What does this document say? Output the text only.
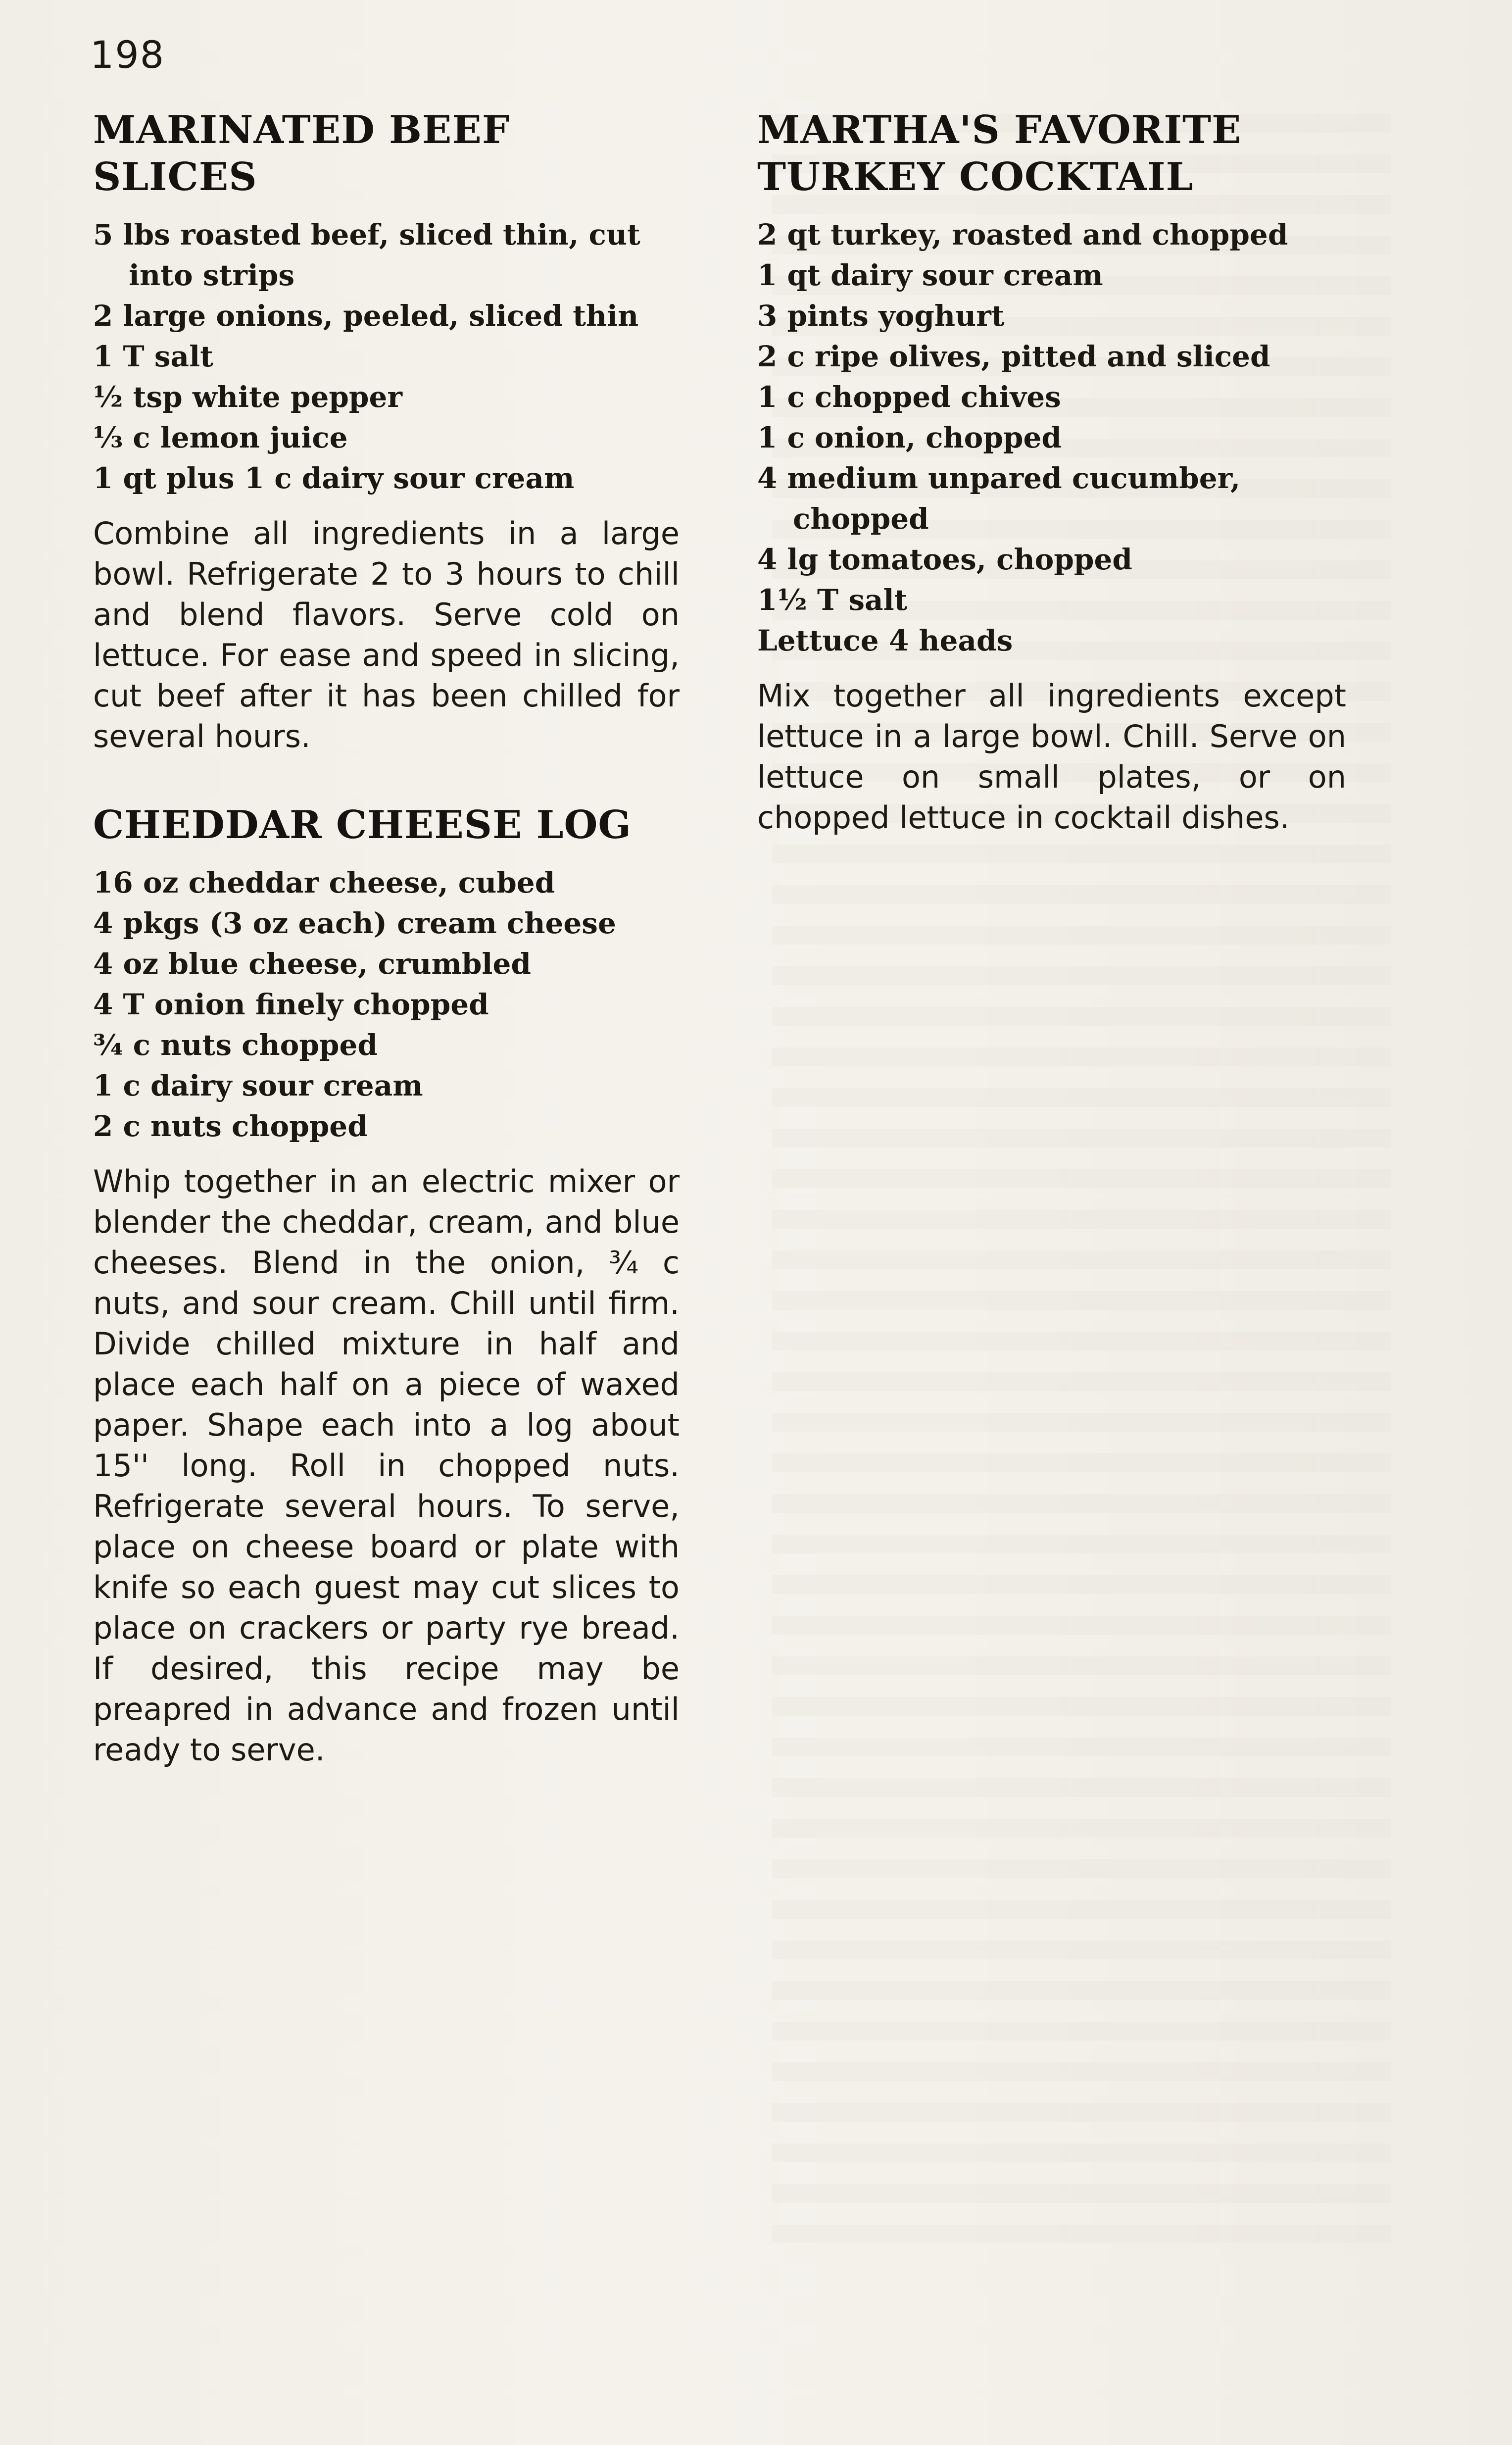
198
MARINATED BEEF SLICES
5 lbs roasted beef, sliced thin, cut into strips
2 large onions, peeled, sliced thin
1 T salt
½ tsp white pepper
⅓ c lemon juice
1 qt plus 1 c dairy sour cream

Combine all ingredients in a large bowl. Refrigerate 2 to 3 hours to chill and blend flavors. Serve cold on lettuce. For ease and speed in slicing, cut beef after it has been chilled for several hours.

CHEDDAR CHEESE LOG
16 oz cheddar cheese, cubed
4 pkgs (3 oz each) cream cheese
4 oz blue cheese, crumbled
4 T onion finely chopped
¾ c nuts chopped
1 c dairy sour cream
2 c nuts chopped

Whip together in an electric mixer or blender the cheddar, cream, and blue cheeses. Blend in the onion, ¾ c nuts, and sour cream. Chill until firm. Divide chilled mixture in half and place each half on a piece of waxed paper. Shape each into a log about 15'' long. Roll in chopped nuts. Refrigerate several hours. To serve, place on cheese board or plate with knife so each guest may cut slices to place on crackers or party rye bread. If desired, this recipe may be preapred in advance and frozen until ready to serve.

MARTHA'S FAVORITE TURKEY COCKTAIL
2 qt turkey, roasted and chopped
1 qt dairy sour cream
3 pints yoghurt
2 c ripe olives, pitted and sliced
1 c chopped chives
1 c onion, chopped
4 medium unpared cucumber, chopped
4 lg tomatoes, chopped
1½ T salt
Lettuce 4 heads

Mix together all ingredients except lettuce in a large bowl. Chill. Serve on lettuce on small plates, or on chopped lettuce in cocktail dishes.
